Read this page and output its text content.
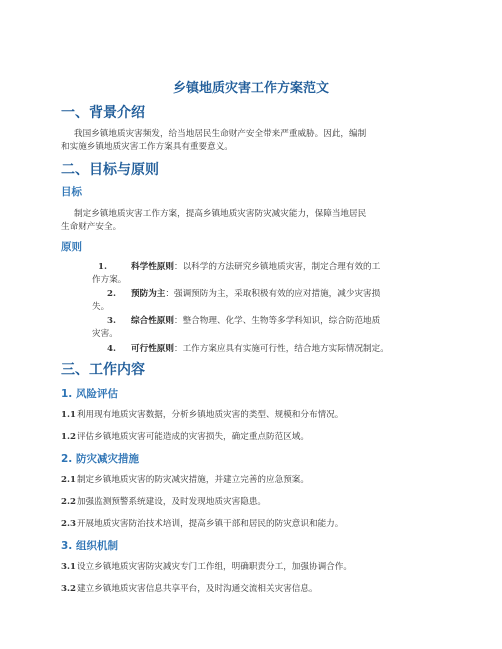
乡镇地质灾害工作方案范文
一、背景介绍
我国乡镇地质灾害频发，给当地居民生命财产安全带来严重威胁。因此，编制
和实施乡镇地质灾害工作方案具有重要意义。
二、目标与原则
目标
制定乡镇地质灾害工作方案，提高乡镇地质灾害防灾减灾能力，保障当地居民
生命财产安全。
原则
1.	科学性原则：以科学的方法研究乡镇地质灾害，制定合理有效的工
作方案。
2. 预防为主：强调预防为主，采取积极有效的应对措施，减少灾害损
失。
3. 综合性原则：整合物理、化学、生物等多学科知识，综合防范地质
灾害。
4. 可行性原则：工作方案应具有实施可行性，结合地方实际情况制定。
三、工作内容
1. 风险评估
1.1利用现有地质灾害数据，分析乡镇地质灾害的类型、规模和分布情况。
1.2评估乡镇地质灾害可能造成的灾害损失，确定重点防范区域。
2. 防灾减灾措施
2.1制定乡镇地质灾害的防灾减灾措施，并建立完善的应急预案。
2.2加强监测预警系统建设，及时发现地质灾害隐患。
2.3开展地质灾害防治技术培训，提高乡镇干部和居民的防灾意识和能力。
3. 组织机制
3.1设立乡镇地质灾害防灾减灾专门工作组，明确职责分工，加强协调合作。
3.2建立乡镇地质灾害信息共享平台，及时沟通交流相关灾害信息。
